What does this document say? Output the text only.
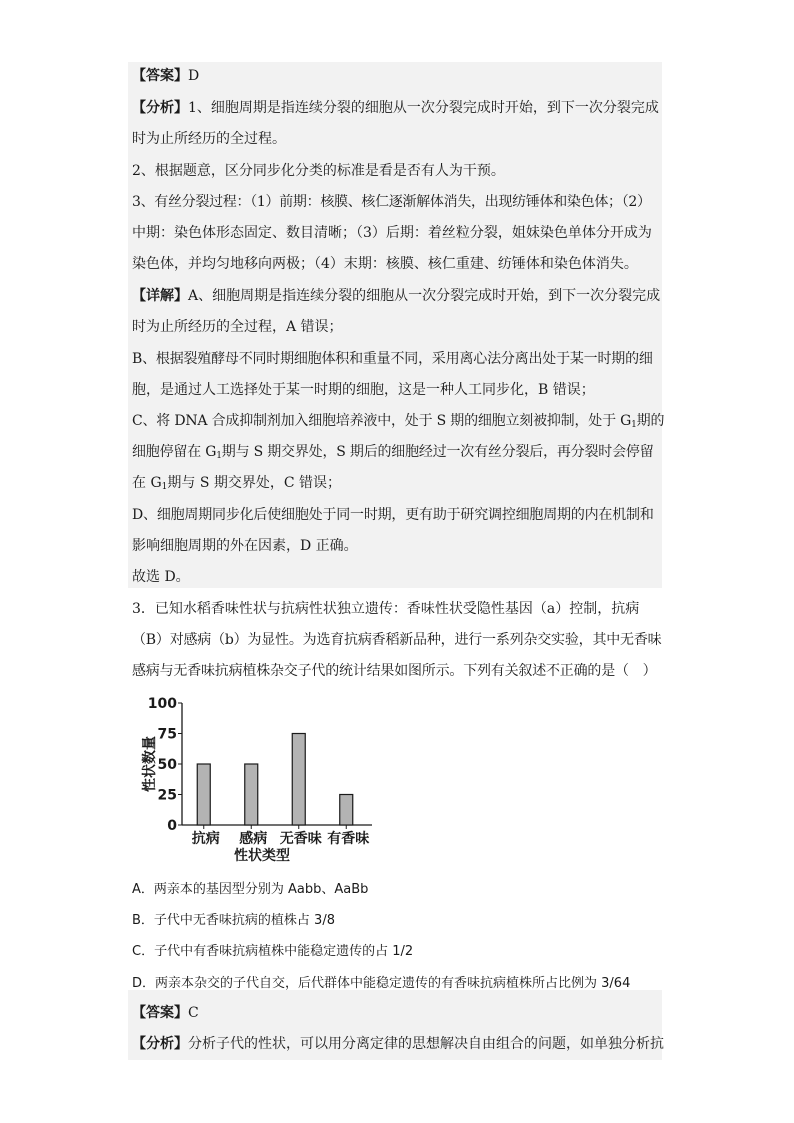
【答案】D
【分析】1、细胞周期是指连续分裂的细胞从一次分裂完成时开始，到下一次分裂完成
时为止所经历的全过程。
2、根据题意，区分同步化分类的标准是看是否有人为干预。
3、有丝分裂过程：（1）前期：核膜、核仁逐渐解体消失，出现纺锤体和染色体；（2）
中期：染色体形态固定、数目清晰；（3）后期：着丝粒分裂，姐妹染色单体分开成为
染色体，并均匀地移向两极；（4）末期：核膜、核仁重建、纺锤体和染色体消失。
【详解】A、细胞周期是指连续分裂的细胞从一次分裂完成时开始，到下一次分裂完成
时为止所经历的全过程，A 错误；
B、根据裂殖酵母不同时期细胞体积和重量不同，采用离心法分离出处于某一时期的细
胞，是通过人工选择处于某一时期的细胞，这是一种人工同步化，B 错误；
C、将 DNA 合成抑制剂加入细胞培养液中，处于 S 期的细胞立刻被抑制，处于 $G_1$期的
细胞停留在 $G_1$期与 S 期交界处，S 期后的细胞经过一次有丝分裂后，再分裂时会停留
在 $G_1$期与 S 期交界处，C 错误；
D、细胞周期同步化后使细胞处于同一时期，更有助于研究调控细胞周期的内在机制和
影响细胞周期的外在因素，D 正确。
故选 D。
3．已知水稻香味性状与抗病性状独立遗传：香味性状受隐性基因（a）控制，抗病
（B）对感病（b）为显性。为选育抗病香稻新品种，进行一系列杂交实验，其中无香味
感病与无香味抗病植株杂交子代的统计结果如图所示。下列有关叙述不正确的是（　）
性状数量
0
25
50
75
100
抗病 感病 无香味 有香味
性状类型
A．两亲本的基因型分别为 Aabb、AaBb
B．子代中无香味抗病的植株占 3/8
C．子代中有香味抗病植株中能稳定遗传的占 1/2
D．两亲本杂交的子代自交，后代群体中能稳定遗传的有香味抗病植株所占比例为 3/64
【答案】C
【分析】分析子代的性状，可以用分离定律的思想解决自由组合的问题，如单独分析抗
